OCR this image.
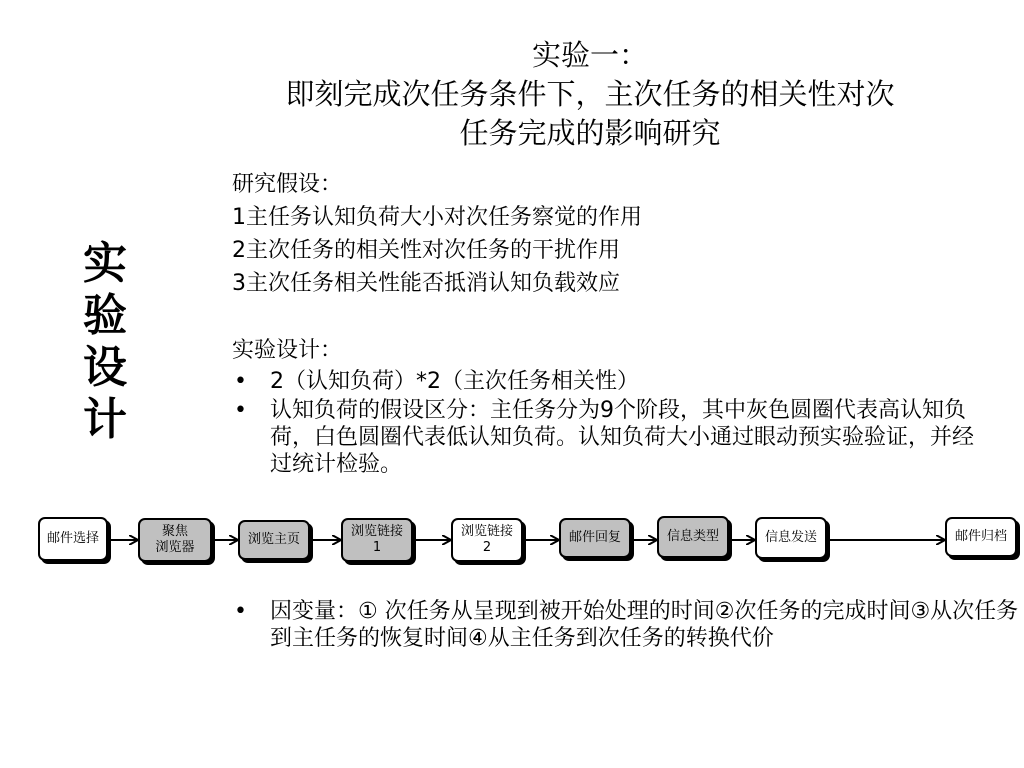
实
验
设
计
实验一：
即刻完成次任务条件下，主次任务的相关性对次
任务完成的影响研究
研究假设：
1主任务认知负荷大小对次任务察觉的作用
2主次任务的相关性对次任务的干扰作用
3主次任务相关性能否抵消认知负载效应
实验设计：
• 2（认知负荷）*2（主次任务相关性）
• 认知负荷的假设区分：主任务分为9个阶段，其中灰色圆圈代表高认知负荷，白色圆圈代表低认知负荷。认知负荷大小通过眼动预实验验证，并经过统计检验。
邮件选择	聚焦
浏览器
浏览主页
浏览链接
1
浏览链接
2
邮件回复	信息类型	信息发送	邮件归档
• 因变量：① 次任务从呈现到被开始处理的时间②次任务的完成时间③从次任务到主任务的恢复时间④从主任务到次任务的转换代价
